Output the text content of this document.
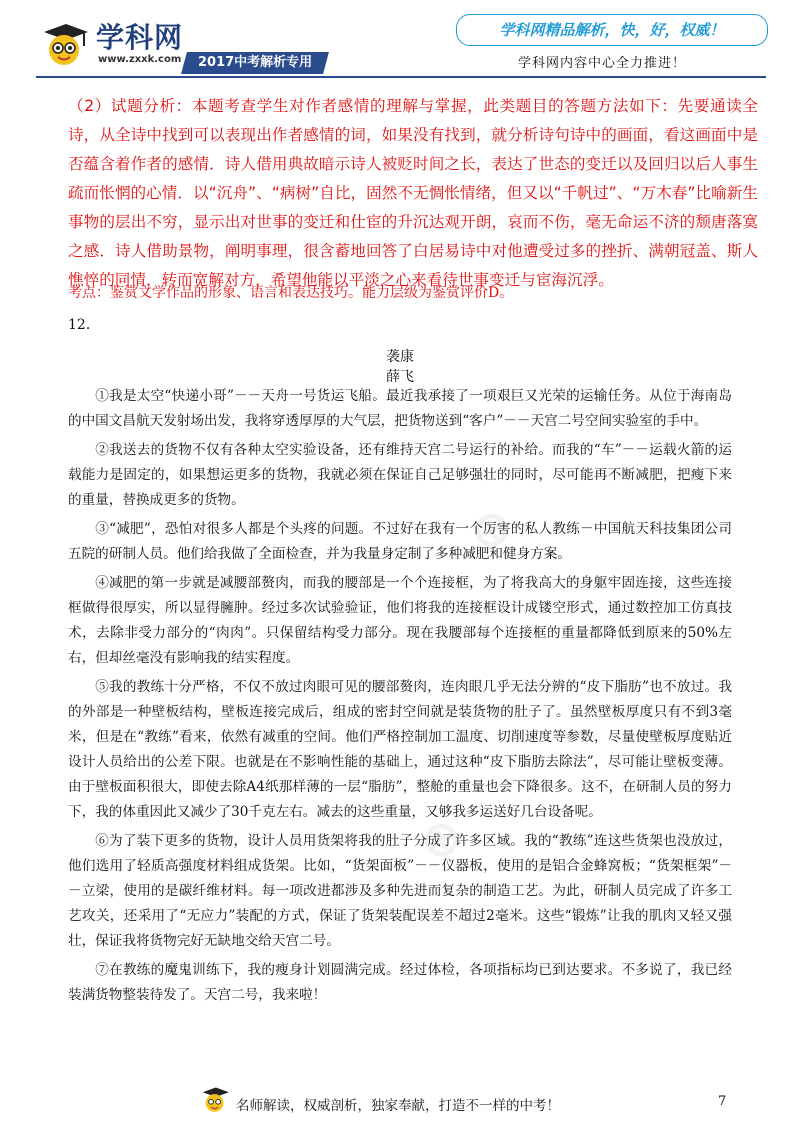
⊕
⊕
学科网
www.zxxk.com	2017中考解析专用
学科网精品解析，快，好，权威！
学科网内容中心全力推进！
（2）试题分析：本题考查学生对作者感情的理解与掌握，此类题目的答题方法如下：先要通读全诗，从全诗中找到可以表现出作者感情的词，如果没有找到，就分析诗句诗中的画面，看这画面中是否蕴含着作者的感情．诗人借用典故暗示诗人被贬时间之长，表达了世态的变迁以及回归以后人事生疏而怅惘的心情．以“沉舟”、“病树”自比，固然不无惆怅情绪，但又以“千帆过”、“万木春”比喻新生事物的层出不穷，显示出对世事的变迁和仕宦的升沉达观开朗，哀而不伤，毫无命运不济的颓唐落寞之感．诗人借助景物，阐明事理，很含蓄地回答了白居易诗中对他遭受过多的挫折、满朝冠盖、斯人憔悴的同情，转而宽解对方，希望他能以平淡之心来看待世事变迁与宦海沉浮。
考点：鉴赏文学作品的形象、语言和表达技巧。能力层级为鉴赏评价D。
12．
袭康
薛飞

①我是太空“快递小哥”－－天舟一号货运飞船。最近我承接了一项艰巨又光荣的运输任务。从位于海南岛的中国文昌航天发射场出发，我将穿透厚厚的大气层，把货物送到“客户”－－天宫二号空间实验室的手中。

②我送去的货物不仅有各种太空实验设备，还有维持天宫二号运行的补给。而我的“车”－－运载火箭的运载能力是固定的，如果想运更多的货物，我就必须在保证自己足够强壮的同时，尽可能再不断减肥，把瘦下来的重量，替换成更多的货物。

③“减肥”，恐怕对很多人都是个头疼的问题。不过好在我有一个厉害的私人教练－中国航天科技集团公司五院的研制人员。他们给我做了全面检查，并为我量身定制了多种减肥和健身方案。

④减肥的第一步就是减腰部赘肉，而我的腰部是一个个连接框，为了将我高大的身躯牢固连接，这些连接框做得很厚实，所以显得臃肿。经过多次试验验证，他们将我的连接框设计成镂空形式，通过数控加工仿真技术，去除非受力部分的“肉肉”。只保留结构受力部分。现在我腰部每个连接框的重量都降低到原来的50%左右，但却丝毫没有影响我的结实程度。

⑤我的教练十分严格，不仅不放过肉眼可见的腰部赘肉，连肉眼几乎无法分辨的“皮下脂肪”也不放过。我的外部是一种壁板结构，壁板连接完成后，组成的密封空间就是装货物的肚子了。虽然壁板厚度只有不到3毫米，但是在“教练”看来，依然有减重的空间。他们严格控制加工温度、切削速度等参数，尽量使壁板厚度贴近设计人员给出的公差下限。也就是在不影响性能的基础上，通过这种“皮下脂肪去除法”，尽可能让壁板变薄。由于壁板面积很大，即使去除A4纸那样薄的一层“脂肪”，整舱的重量也会下降很多。这不，在研制人员的努力下，我的体重因此又减少了30千克左右。减去的这些重量，又够我多运送好几台设备呢。

⑥为了装下更多的货物，设计人员用货架将我的肚子分成了许多区域。我的“教练”连这些货架也没放过，他们选用了轻质高强度材料组成货架。比如，“货架面板”－－仪器板，使用的是铝合金蜂窝板；“货架框架”－－立梁，使用的是碳纤维材料。每一项改进都涉及多种先进而复杂的制造工艺。为此，研制人员完成了许多工艺攻关，还采用了“无应力”装配的方式，保证了货架装配误差不超过2毫米。这些“锻炼”让我的肌肉又轻又强壮，保证我将货物完好无缺地交给天宫二号。

⑦在教练的魔鬼训练下，我的瘦身计划圆满完成。经过体检，各项指标均已到达要求。不多说了，我已经装满货物整装待发了。天宫二号，我来啦！

名师解读，权威剖析，独家奉献，打造不一样的中考！	7
